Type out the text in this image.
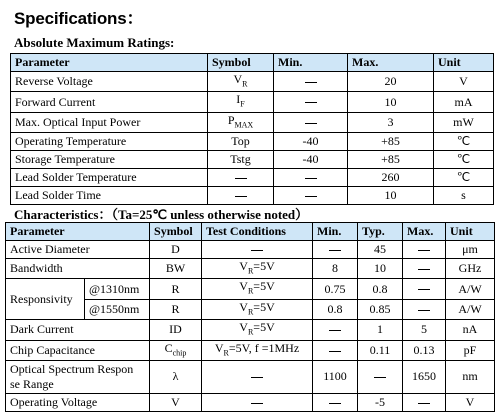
Specifications：
Absolute Maximum Ratings:
Parameter	Symbol	Min.	Max.	Unit
Reverse Voltage	$V_R$		20	V
Forward Current	$I_F$		10	mA
Max. Optical Input Power	$P_{MAX}$		3	mW
Operating Temperature	Top	-40	+85	℃
Storage Temperature	Tstg	-40	+85	℃
Lead Solder Temperature			260	℃
Lead Solder Time			10	s
Characteristics：（Ta=25℃ unless otherwise noted）
Parameter		Symbol	Test Conditions	Min.	Typ.	Max.	Unit
Active Diameter		D			45		μm
Bandwidth		BW	$V_R=5V$	8	10		GHz
Responsivity	@1310nm	R	$V_R=5V$	0.75	0.8		A/W
	@1550nm	R	$V_R=5V$	0.8	0.85		A/W
Dark Current		ID	$V_R=5V$		1	5	nA
Chip Capacitance		$C_{chip}$	$V_R=5V$, f =1MHz		0.11	0.13	pF
Optical Spectrum Respon se Range		λ		1100		1650	nm
Operating Voltage		V			-5		V
